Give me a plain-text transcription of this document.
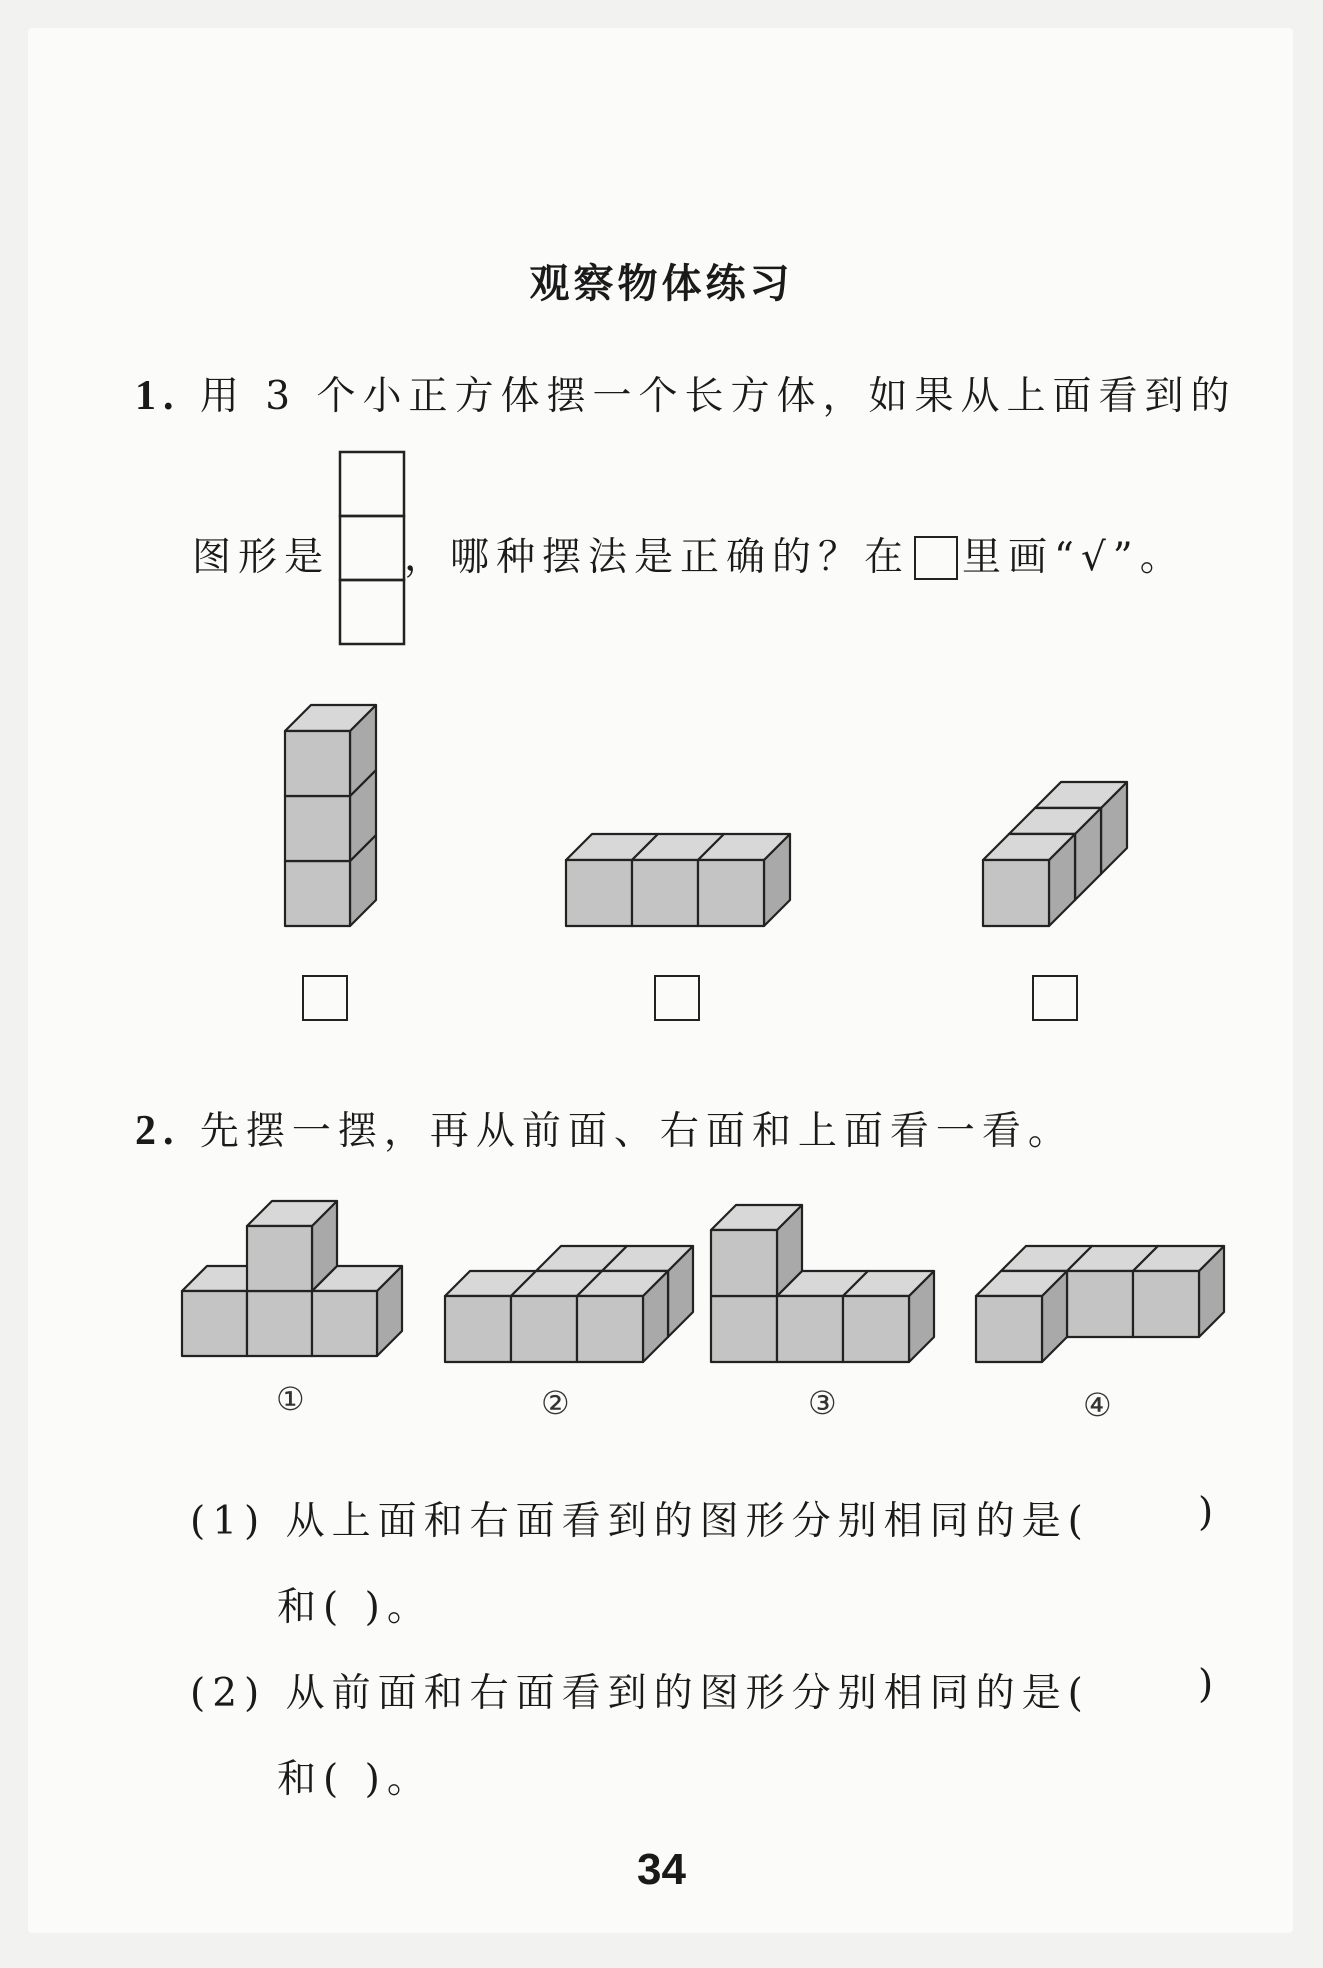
观察物体练习
1. 用 3 个小正方体摆一个长方体，如果从上面看到的
图形是 ，哪种摆法是正确的？在 里画“√”。
2. 先摆一摆，再从前面、右面和上面看一看。
①	②	③	④
(1) 从上面和右面看到的图形分别相同的是(	)
和( )。
(2) 从前面和右面看到的图形分别相同的是(	)
和( )。
34
